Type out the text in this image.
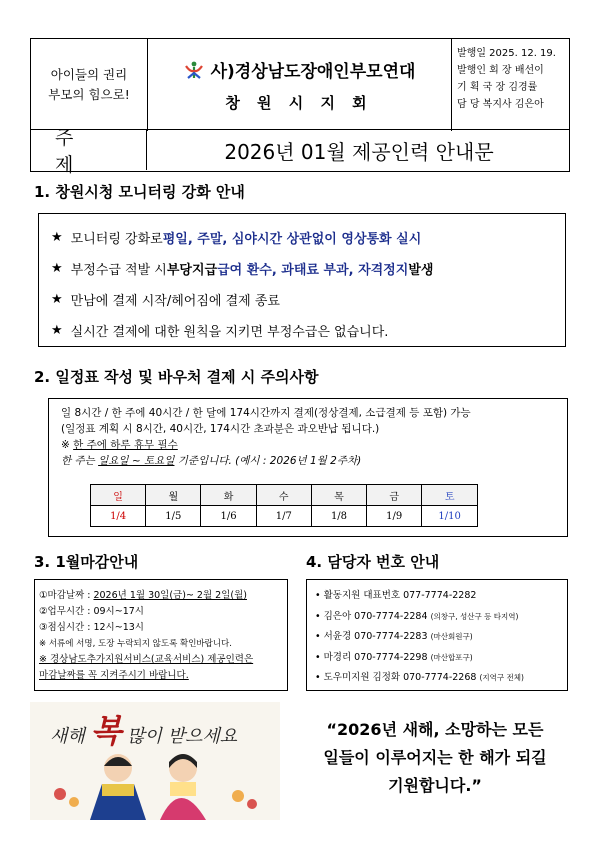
아이들의 권리
부모의 힘으로!
사)경상남도장애인부모연대
창 원 시 지 회
발행일 2025. 12. 19.
발행인 회 장 배선이
기 획 국 장 김경률
담 당 복지사 김은아
주 제
2026년 01월 제공인력 안내문
1. 창원시청 모니터링 강화 안내
★ 모니터링 강화로 평일, 주말, 심야시간 상관없이 영상통화 실시
★ 부정수급 적발 시 부당지급 급여 환수, 과태료 부과, 자격정지 발생
★ 만남에 결제 시작/헤어짐에 결제 종료
★ 실시간 결제에 대한 원칙을 지키면 부정수급은 없습니다.
2. 일정표 작성 및 바우처 결제 시 주의사항
일 8시간 / 한 주에 40시간 / 한 달에 174시간까지 결제(정상결제, 소급결제 등 포함) 가능
(일정표 계획 시 8시간, 40시간, 174시간 초과분은 과오반납 됩니다.)
※ 한 주에 하루 휴무 필수
한 주는 일요일 ~ 토요일 기준입니다. (예시 : 2026년 1월 2주차)
일	월	화	수	목	금	토
1/4	1/5	1/6	1/7	1/8	1/9	1/10
3. 1월마감안내
①마감날짜 : 2026년 1월 30일(금)~ 2월 2일(월)
②업무시간 : 09시~17시
③점심시간 : 12시~13시
※ 서류에 서명, 도장 누락되지 않도록 확인바랍니다.
※ 경상남도추가지원서비스(교육서비스) 제공인력은
마감날짜를 꼭 지켜주시기 바랍니다.
4. 담당자 번호 안내
• 활동지원 대표번호 077-7774-2282
• 김은아 070-7774-2284 (의창구, 성산구 등 타지역)
• 서윤경 070-7774-2283 (마산회원구)
• 마경리 070-7774-2298 (마산합포구)
• 도우미지원 김정화 070-7774-2268 (지역구 전체)
새해 복 많이 받으세요	“2026년 새해, 소망하는 모든
일들이 이루어지는 한 해가 되길
기원합니다.”
